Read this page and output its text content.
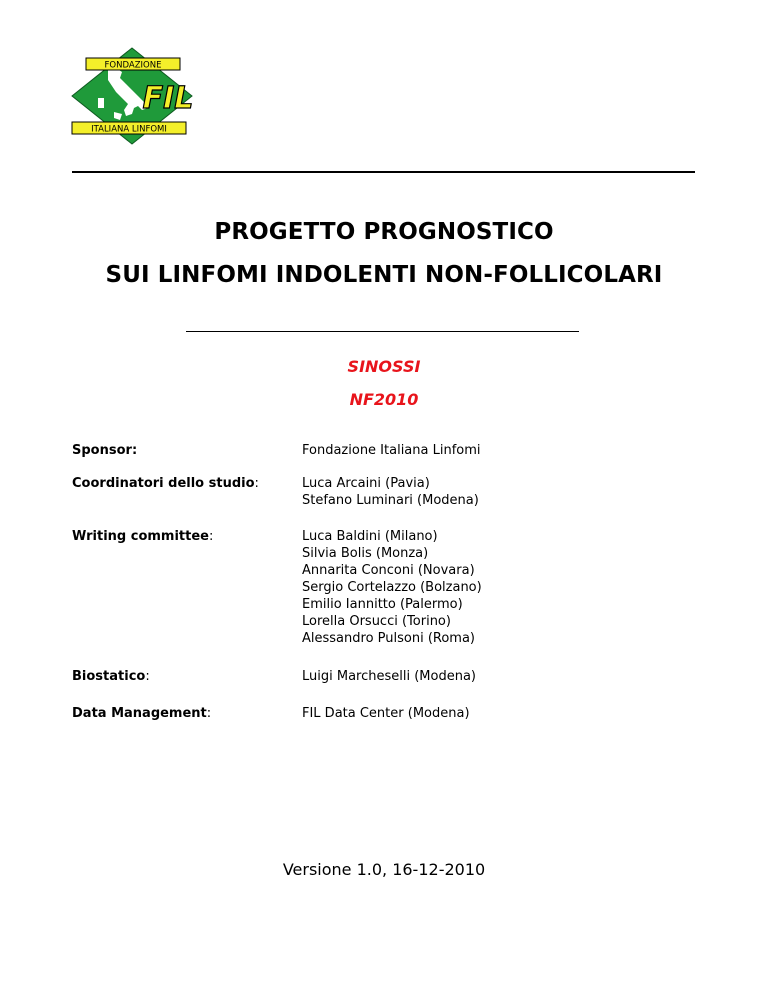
FONDAZIONE
ITALIANA LINFOMI
FIL
PROGETTO PROGNOSTICO
SUI LINFOMI INDOLENTI NON-FOLLICOLARI
SINOSSI
NF2010
Sponsor:	Fondazione Italiana Linfomi
Coordinatori dello studio:	Luca Arcaini (Pavia)
Stefano Luminari (Modena)
Writing committee:	Luca Baldini (Milano)
Silvia Bolis (Monza)
Annarita Conconi (Novara)
Sergio Cortelazzo (Bolzano)
Emilio Iannitto (Palermo)
Lorella Orsucci (Torino)
Alessandro Pulsoni (Roma)
Biostatico:	Luigi Marcheselli (Modena)
Data Management:	FIL Data Center (Modena)
Versione 1.0, 16-12-2010
